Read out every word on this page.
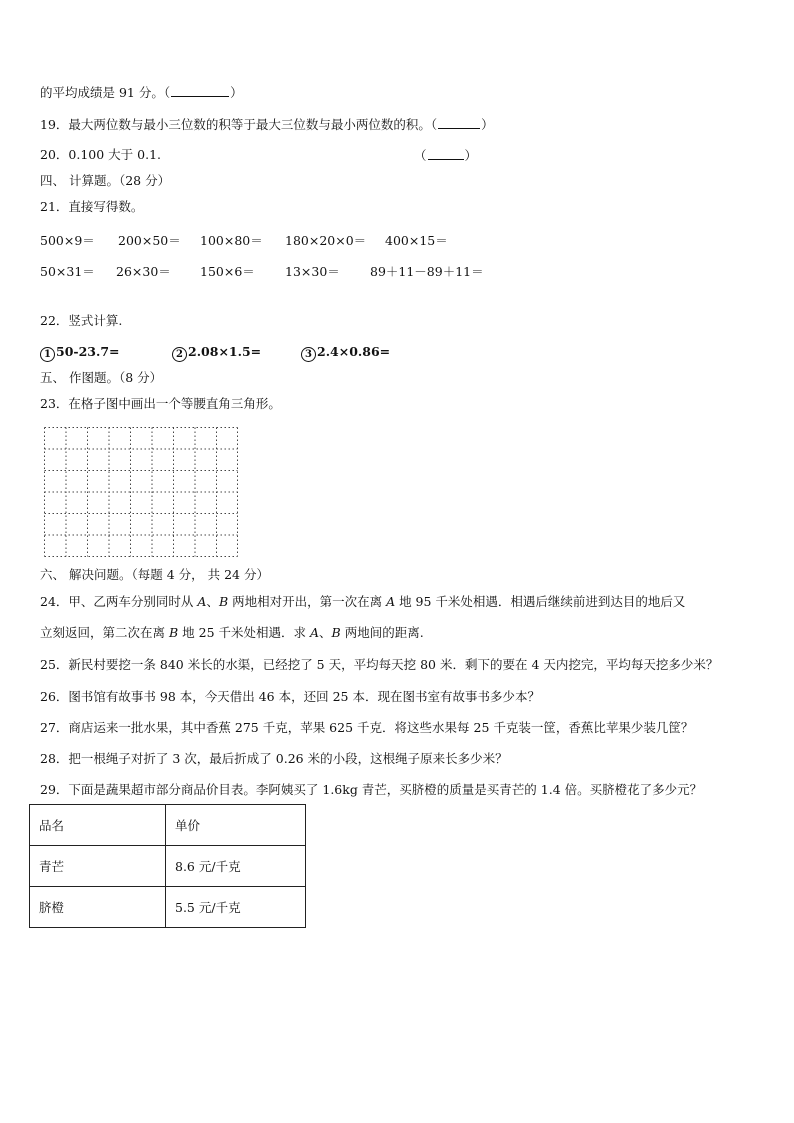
的平均成绩是 91 分。（	）
19．最大两位数与最小三位数的积等于最大三位数与最小两位数的积。（	）
20．0.100 大于 0.1.	（	）
四、 计算题。（28 分）
21．直接写得数。
500×9＝ 200×50＝ 100×80＝ 180×20×0＝ 400×15＝
50×31＝ 26×30＝ 150×6＝ 13×30＝ 89＋11－89＋11＝
22．竖式计算.
1 50-23.7=	2 2.08×1.5=	3 2.4×0.86=
五、 作图题。（8 分）
23．在格子图中画出一个等腰直角三角形。
六、 解决问题。（每题 4 分， 共 24 分）
24．甲、乙两车分别同时从 A、B 两地相对开出，第一次在离 A 地 95 千米处相遇．相遇后继续前进到达目的地后又
立刻返回，第二次在离 B 地 25 千米处相遇．求 A、B 两地间的距离.
25．新民村要挖一条 840 米长的水渠，已经挖了 5 天，平均每天挖 80 米．剩下的要在 4 天内挖完，平均每天挖多少米？
26．图书馆有故事书 98 本，今天借出 46 本，还回 25 本．现在图书室有故事书多少本？
27．商店运来一批水果，其中香蕉 275 千克，苹果 625 千克．将这些水果每 25 千克装一筐，香蕉比苹果少装几筐？
28．把一根绳子对折了 3 次，最后折成了 0.26 米的小段，这根绳子原来长多少米？
29．下面是蔬果超市部分商品价目表。李阿姨买了 1.6kg 青芒，买脐橙的质量是买青芒的 1.4 倍。买脐橙花了多少元？
品名	单价
青芒	8.6 元/千克
脐橙	5.5 元/千克
